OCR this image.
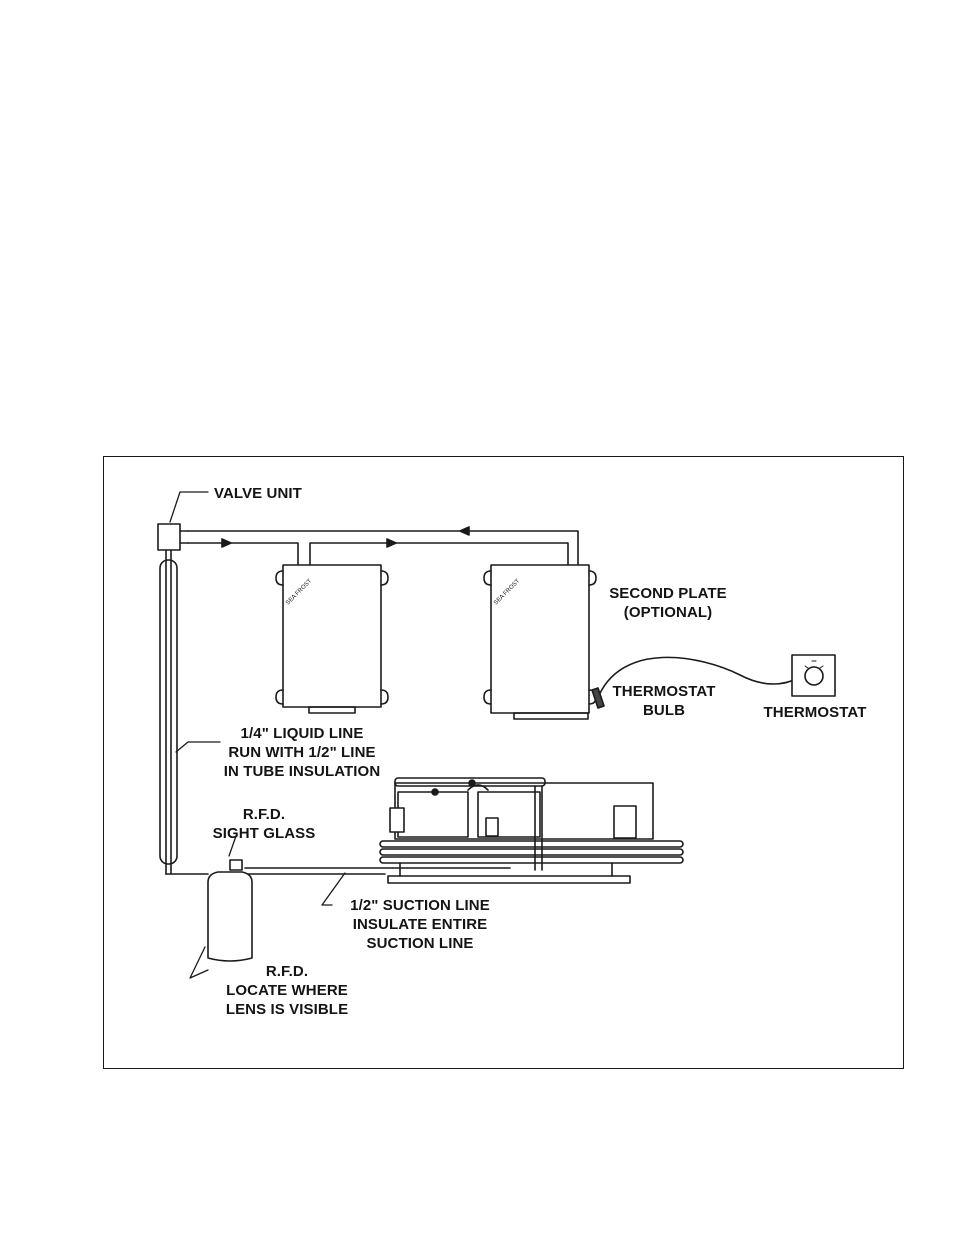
SEA FROST	SEA FROST
VALVE UNIT
SECOND PLATE
(OPTIONAL)
THERMOSTAT
BULB	THERMOSTAT
1/4" LIQUID LINE
RUN WITH 1/2" LINE
IN TUBE INSULATION
R.F.D.
SIGHT GLASS
1/2" SUCTION LINE
INSULATE ENTIRE
SUCTION LINE
R.F.D.
LOCATE WHERE
LENS IS VISIBLE
